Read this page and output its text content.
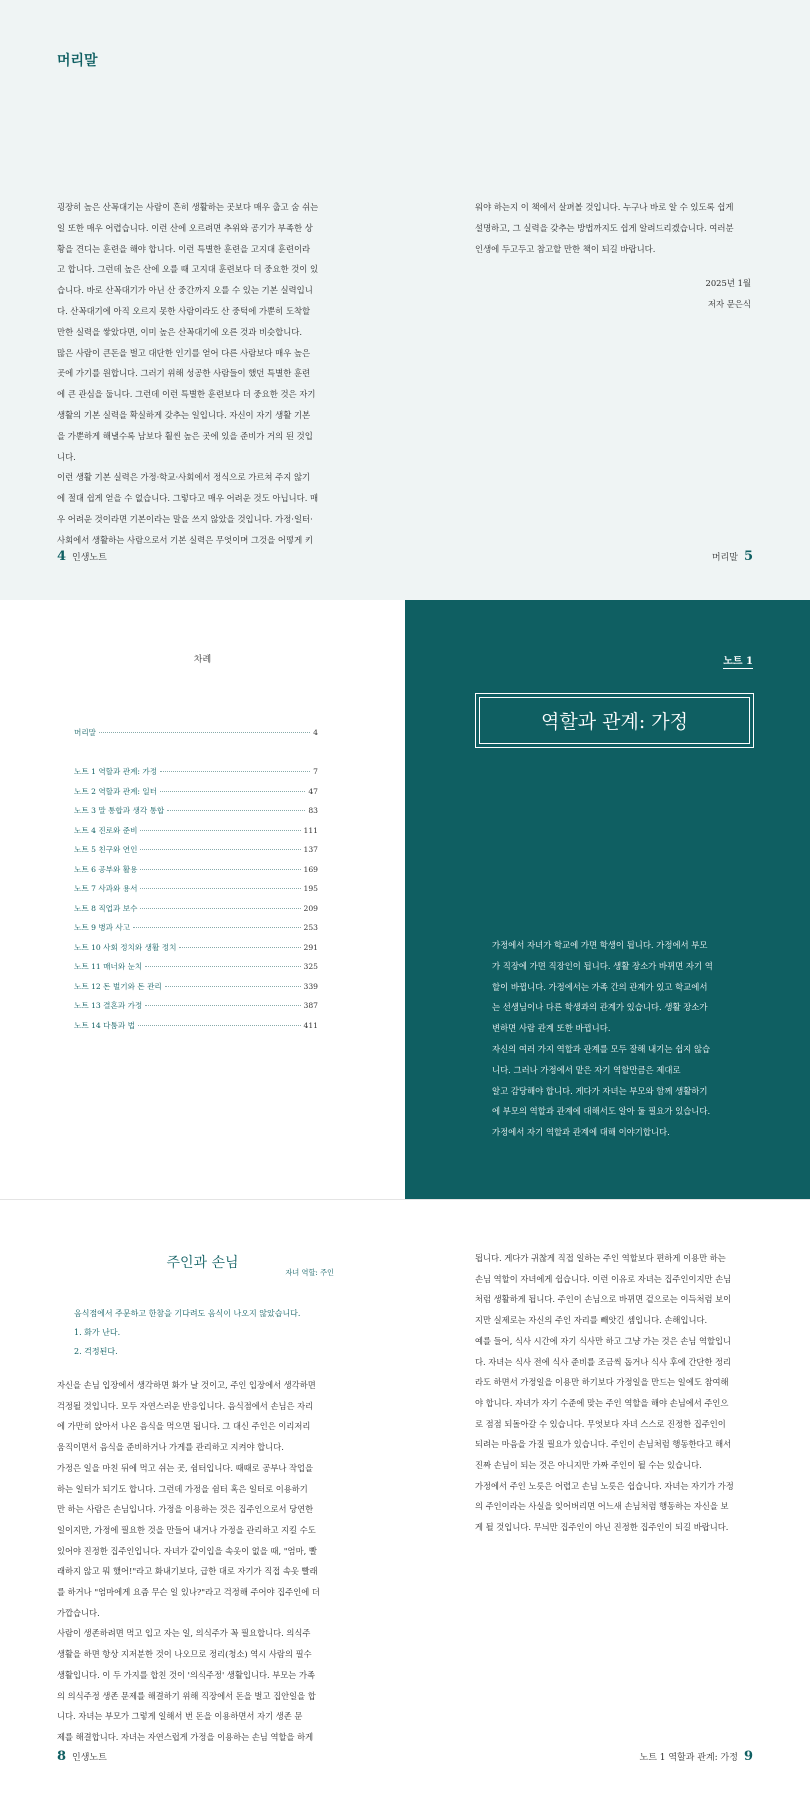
머리말

굉장히 높은 산꼭대기는 사람이 흔히 생활하는 곳보다 매우 춥고 숨 쉬는

일 또한 매우 어렵습니다. 이런 산에 오르려면 추위와 공기가 부족한 상

황을 견디는 훈련을 해야 합니다. 이런 특별한 훈련을 고지대 훈련이라

고 합니다. 그런데 높은 산에 오를 때 고지대 훈련보다 더 중요한 것이 있

습니다. 바로 산꼭대기가 아닌 산 중간까지 오를 수 있는 기본 실력입니

다. 산꼭대기에 아직 오르지 못한 사람이라도 산 중턱에 가뿐히 도착할

만한 실력을 쌓았다면, 이미 높은 산꼭대기에 오른 것과 비슷합니다.

많은 사람이 큰돈을 벌고 대단한 인기를 얻어 다른 사람보다 매우 높은

곳에 가기를 원합니다. 그러기 위해 성공한 사람들이 했던 특별한 훈련

에 큰 관심을 둡니다. 그런데 이런 특별한 훈련보다 더 중요한 것은 자기

생활의 기본 실력을 확실하게 갖추는 일입니다. 자신이 자기 생활 기본

을 가뿐하게 해낼수록 남보다 훨씬 높은 곳에 있을 준비가 거의 된 것입

니다.

이런 생활 기본 실력은 가정·학교·사회에서 정식으로 가르쳐 주지 않기

에 절대 쉽게 얻을 수 없습니다. 그렇다고 매우 어려운 것도 아닙니다. 매

우 어려운 것이라면 기본이라는 말을 쓰지 않았을 것입니다. 가정·일터·

사회에서 생활하는 사람으로서 기본 실력은 무엇이며 그것을 어떻게 키

워야 하는지 이 책에서 살펴볼 것입니다. 누구나 바로 알 수 있도록 쉽게

설명하고, 그 실력을 갖추는 방법까지도 쉽게 알려드리겠습니다. 여러분

인생에 두고두고 참고할 만한 책이 되길 바랍니다.

2025년 1월

저자 문은식

4 인생노트	머리말 5
차례
머리말	4
노트 1 역할과 관계: 가정	7
노트 2 역할과 관계: 일터	47
노트 3 말 통합과 생각 통합	83
노트 4 진로와 준비	111
노트 5 친구와 연인	137
노트 6 공부와 활용	169
노트 7 사과와 용서	195
노트 8 직업과 보수	209
노트 9 병과 사고	253
노트 10 사회 정치와 생활 정치	291
노트 11 매너와 눈치	325
노트 12 돈 벌기와 돈 관리	339
노트 13 결혼과 가정	387
노트 14 다툼과 법	411
노트 1
역할과 관계: 가정

가정에서 자녀가 학교에 가면 학생이 됩니다. 가정에서 부모

가 직장에 가면 직장인이 됩니다. 생활 장소가 바뀌면 자기 역

할이 바뀝니다. 가정에서는 가족 간의 관계가 있고 학교에서

는 선생님이나 다른 학생과의 관계가 있습니다. 생활 장소가

변하면 사람 관계 또한 바뀝니다.

자신의 여러 가지 역할과 관계를 모두 잘해 내기는 쉽지 않습

니다. 그러나 가정에서 맡은 자기 역할만큼은 제대로

알고 감당해야 합니다. 게다가 자녀는 부모와 함께 생활하기

에 부모의 역할과 관계에 대해서도 알아 둘 필요가 있습니다.

가정에서 자기 역할과 관계에 대해 이야기합니다.

주인과 손님
자녀 역할: 주인

음식점에서 주문하고 한참을 기다려도 음식이 나오지 않았습니다.

1. 화가 난다.

2. 걱정된다.

자신을 손님 입장에서 생각하면 화가 날 것이고, 주인 입장에서 생각하면

걱정될 것입니다. 모두 자연스러운 반응입니다. 음식점에서 손님은 자리

에 가만히 앉아서 나온 음식을 먹으면 됩니다. 그 대신 주인은 이리저리

움직이면서 음식을 준비하거나 가게를 관리하고 지켜야 합니다.

가정은 일을 마친 뒤에 먹고 쉬는 곳, 쉼터입니다. 때때로 공부나 작업을

하는 일터가 되기도 합니다. 그런데 가정을 쉼터 혹은 일터로 이용하기

만 하는 사람은 손님입니다. 가정을 이용하는 것은 집주인으로서 당연한

일이지만, 가정에 필요한 것을 만들어 내거나 가정을 관리하고 지킬 수도

있어야 진정한 집주인입니다. 자녀가 같이입을 속옷이 없을 때, "엄마, 빨

래하지 않고 뭐 했어!"라고 화내기보다, 급한 대로 자기가 직접 속옷 빨래

를 하거나 "엄마에게 요즘 무슨 일 있나?"라고 걱정해 주어야 집주인에 더

가깝습니다.

사람이 생존하려면 먹고 입고 자는 일, 의식주가 꼭 필요합니다. 의식주

생활을 하면 항상 지저분한 것이 나오므로 정리(청소) 역시 사람의 필수

생활입니다. 이 두 가지를 합친 것이 '의식주정' 생활입니다. 부모는 가족

의 의식주정 생존 문제를 해결하기 위해 직장에서 돈을 벌고 집안일을 합

니다. 자녀는 부모가 그렇게 일해서 번 돈을 이용하면서 자기 생존 문

제를 해결합니다. 자녀는 자연스럽게 가정을 이용하는 손님 역할을 하게

됩니다. 게다가 귀찮게 직접 일하는 주인 역할보다 편하게 이용만 하는

손님 역할이 자녀에게 쉽습니다. 이런 이유로 자녀는 집주인이지만 손님

처럼 생활하게 됩니다. 주인이 손님으로 바뀌면 겉으로는 이득처럼 보이

지만 실제로는 자신의 주인 자리를 빼앗긴 셈입니다. 손해입니다.

예를 들어, 식사 시간에 자기 식사만 하고 그냥 가는 것은 손님 역할입니

다. 자녀는 식사 전에 식사 준비를 조금씩 돕거나 식사 후에 간단한 정리

라도 하면서 가정일을 이용만 하기보다 가정일을 만드는 일에도 참여해

야 합니다. 자녀가 자기 수준에 맞는 주인 역할을 해야 손님에서 주인으

로 점점 되돌아갈 수 있습니다. 무엇보다 자녀 스스로 진정한 집주인이

되려는 마음을 가질 필요가 있습니다. 주인이 손님처럼 행동한다고 해서

진짜 손님이 되는 것은 아니지만 가짜 주인이 될 수는 있습니다.

가정에서 주인 노릇은 어렵고 손님 노릇은 쉽습니다. 자녀는 자기가 가정

의 주인이라는 사실을 잊어버리면 어느새 손님처럼 행동하는 자신을 보

게 될 것입니다. 무늬만 집주인이 아닌 진정한 집주인이 되길 바랍니다.

8 인생노트	노트 1 역할과 관계: 가정 9
